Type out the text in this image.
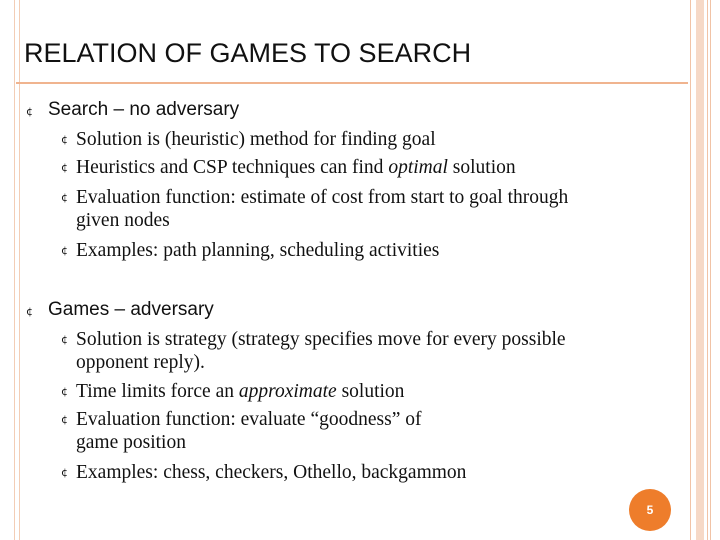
RELATION OF GAMES TO SEARCH
¢ Search – no adversary
¢ Solution is (heuristic) method for finding goal
¢ Heuristics and CSP techniques can find optimal solution
¢ Evaluation function: estimate of cost from start to goal through
given nodes
¢ Examples: path planning, scheduling activities
¢ Games – adversary
¢ Solution is strategy (strategy specifies move for every possible
opponent reply).
¢ Time limits force an approximate solution
¢ Evaluation function: evaluate “goodness” of
game position
¢ Examples: chess, checkers, Othello, backgammon
5
